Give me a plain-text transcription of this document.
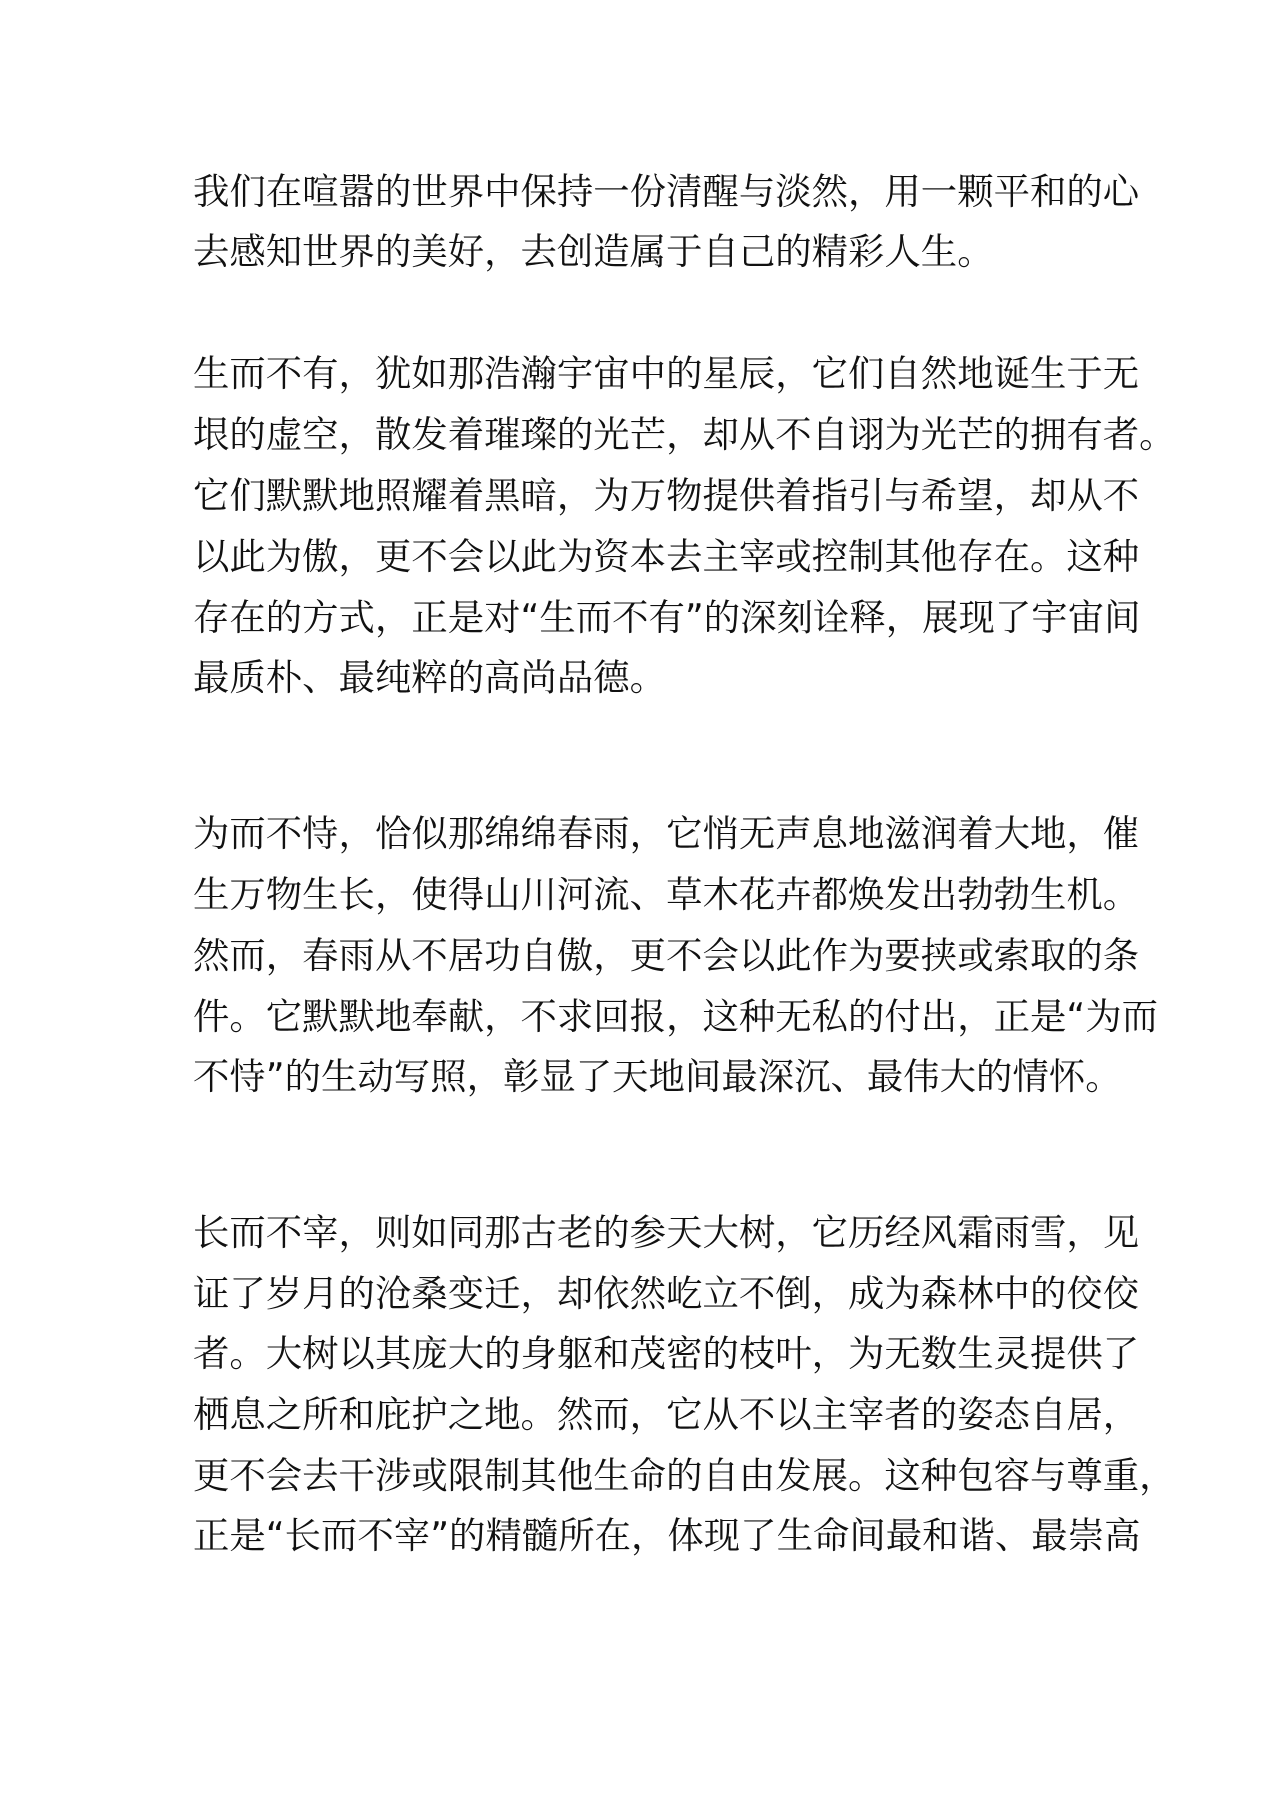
我们在喧嚣的世界中保持一份清醒与淡然，用一颗平和的心

去感知世界的美好，去创造属于自己的精彩人生。

生而不有，犹如那浩瀚宇宙中的星辰，它们自然地诞生于无

垠的虚空，散发着璀璨的光芒，却从不自诩为光芒的拥有者。

它们默默地照耀着黑暗，为万物提供着指引与希望，却从不

以此为傲，更不会以此为资本去主宰或控制其他存在。这种

存在的方式，正是对“生而不有”的深刻诠释，展现了宇宙间

最质朴、最纯粹的高尚品德。

为而不恃，恰似那绵绵春雨，它悄无声息地滋润着大地，催

生万物生长，使得山川河流、草木花卉都焕发出勃勃生机。

然而，春雨从不居功自傲，更不会以此作为要挟或索取的条

件。它默默地奉献，不求回报，这种无私的付出，正是“为而

不恃”的生动写照，彰显了天地间最深沉、最伟大的情怀。

长而不宰，则如同那古老的参天大树，它历经风霜雨雪，见

证了岁月的沧桑变迁，却依然屹立不倒，成为森林中的佼佼

者。大树以其庞大的身躯和茂密的枝叶，为无数生灵提供了

栖息之所和庇护之地。然而，它从不以主宰者的姿态自居，

更不会去干涉或限制其他生命的自由发展。这种包容与尊重，

正是“长而不宰”的精髓所在，体现了生命间最和谐、最崇高
